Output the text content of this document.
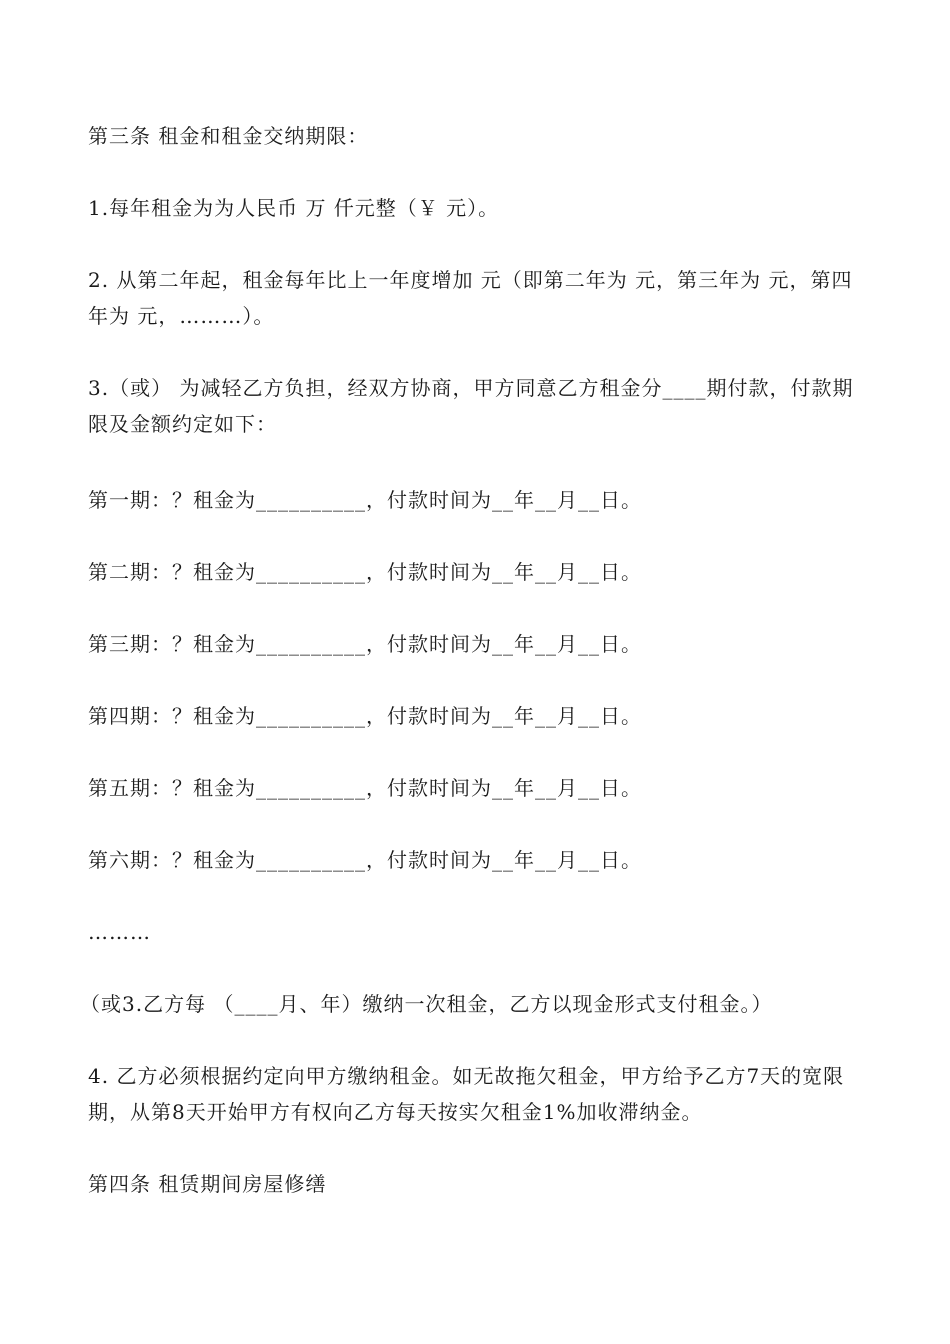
第三条 租金和租金交纳期限：
1.每年租金为为人民币 万 仟元整（￥ 元）。
2. 从第二年起，租金每年比上一年度增加 元（即第二年为 元，第三年为 元，第四年为 元，………）。
3.（或） 为减轻乙方负担，经双方协商，甲方同意乙方租金分____期付款，付款期限及金额约定如下：
第一期：？租金为__________，付款时间为__年__月__日。
第二期：？租金为__________，付款时间为__年__月__日。
第三期：？租金为__________，付款时间为__年__月__日。
第四期：？租金为__________，付款时间为__年__月__日。
第五期：？租金为__________，付款时间为__年__月__日。
第六期：？租金为__________，付款时间为__年__月__日。
………
（或3.乙方每 （____月、年）缴纳一次租金，乙方以现金形式支付租金。）
4. 乙方必须根据约定向甲方缴纳租金。如无故拖欠租金，甲方给予乙方7天的宽限期，从第8天开始甲方有权向乙方每天按实欠租金1%加收滞纳金。
第四条 租赁期间房屋修缮
